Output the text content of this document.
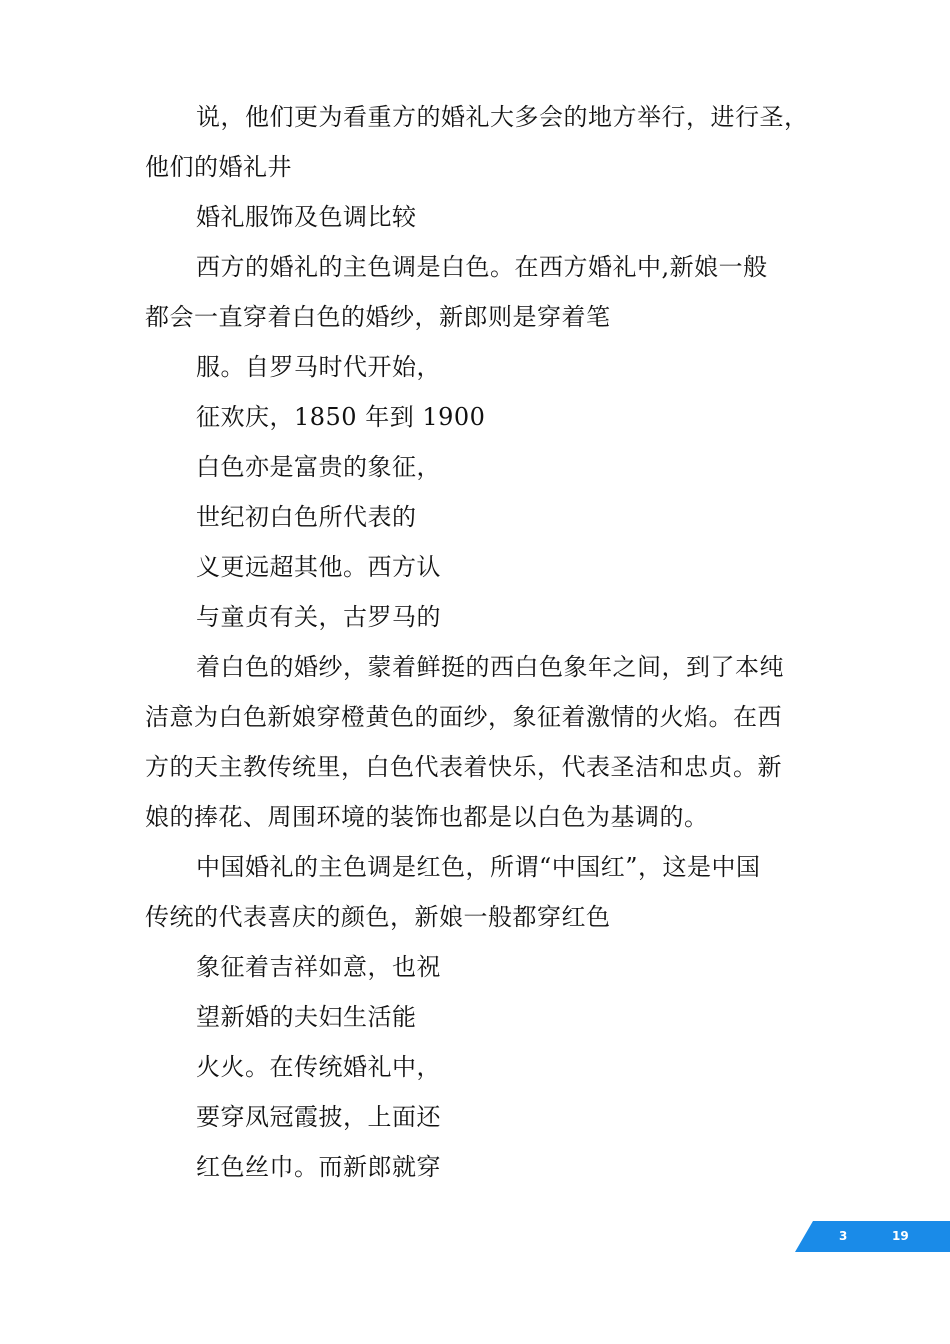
说，他们更为看重方的婚礼大多会的地方举行，进行圣，
他们的婚礼井
婚礼服饰及色调比较
西方的婚礼的主色调是白色。在西方婚礼中,新娘一般
都会一直穿着白色的婚纱，新郎则是穿着笔
服。自罗马时代开始，
征欢庆，1850 年到 1900
白色亦是富贵的象征，
世纪初白色所代表的
义更远超其他。西方认
与童贞有关，古罗马的
着白色的婚纱，蒙着鲜挺的西白色象年之间，到了本纯
洁意为白色新娘穿橙黄色的面纱，象征着激情的火焰。在西
方的天主教传统里，白色代表着快乐，代表圣洁和忠贞。新
娘的捧花、周围环境的装饰也都是以白色为基调的。
中国婚礼的主色调是红色，所谓“中国红”，这是中国
传统的代表喜庆的颜色，新娘一般都穿红色
象征着吉祥如意，也祝
望新婚的夫妇生活能
火火。在传统婚礼中，
要穿凤冠霞披，上面还
红色丝巾。而新郎就穿
3	19
